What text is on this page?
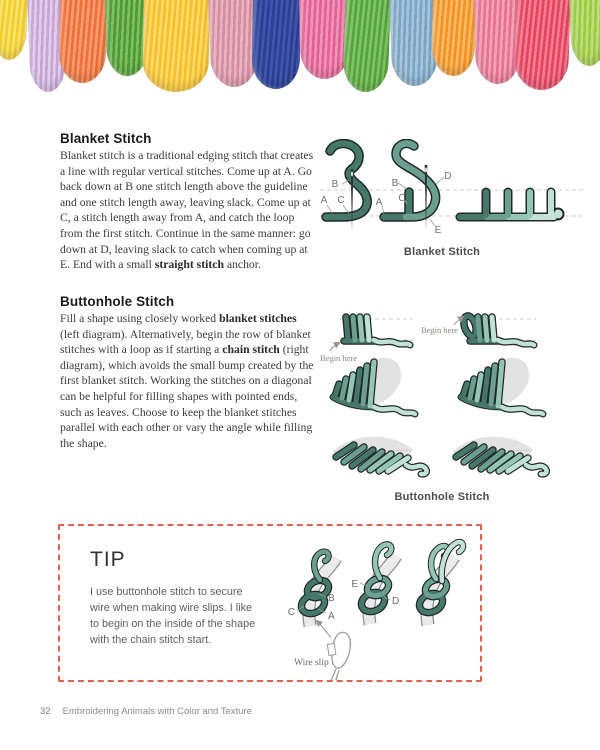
Blanket Stitch

Blanket stitch is a traditional edging stitch that creates a line with regular vertical stitches. Come up at A. Go back down at B one stitch length above the guideline and one stitch length away, leaving slack. Come up at C, a stitch length away from A, and catch the loop from the first stitch. Continue in the same manner: go down at D, leaving slack to catch when coming up at E. End with a small straight stitch anchor.

B
A C
B
C
A
D
E
Blanket Stitch
Buttonhole Stitch

Fill a shape using closely worked blanket stitches (left diagram). Alternatively, begin the row of blanket stitches with a loop as if starting a chain stitch (right diagram), which avoids the small bump created by the first blanket stitch. Working the stitches on a diagonal can be helpful for filling shapes with pointed ends, such as leaves. Choose to keep the blanket stitches parallel with each other or vary the angle while filling the shape.

Begin here
Begin here
Buttonhole Stitch
TIP
I use buttonhole stitch to secure wire when making wire slips. I like to begin on the inside of the shape with the chain stitch start.
C
B
A
E
D
Wire slip
32 Embroidering Animals with Color and Texture
